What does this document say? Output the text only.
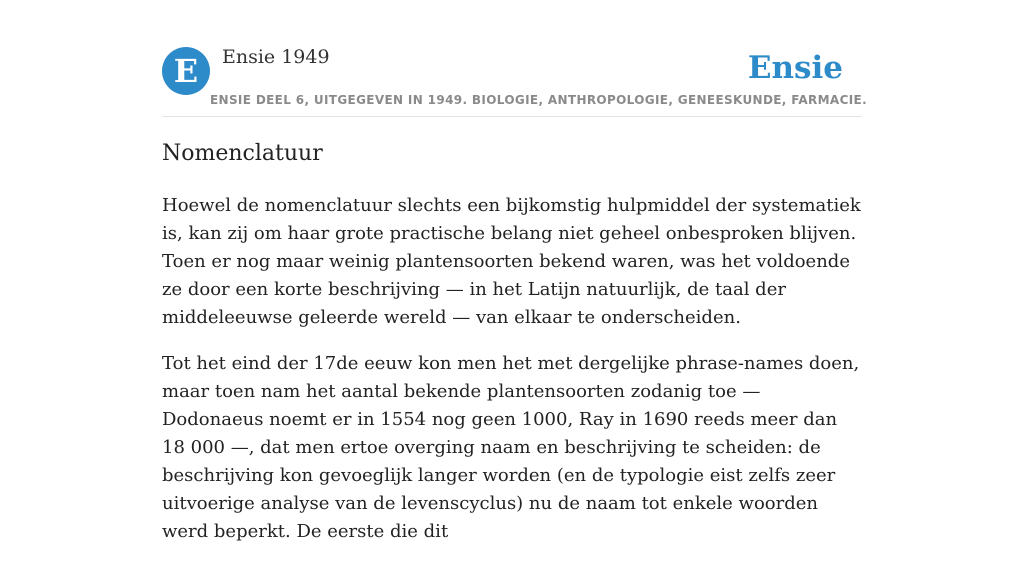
E	Ensie 1949	Ensie
ENSIE DEEL 6, UITGEGEVEN IN 1949. BIOLOGIE, ANTHROPOLOGIE, GENEESKUNDE, FARMACIE.
Nomenclatuur

Hoewel de nomenclatuur slechts een bijkomstig hulpmiddel der systematiek is, kan zij om haar grote practische belang niet geheel onbesproken blijven. Toen er nog maar weinig plantensoorten bekend waren, was het voldoende ze door een korte beschrijving — in het Latijn natuurlijk, de taal der middeleeuwse geleerde wereld — van elkaar te onderscheiden.

Tot het eind der 17de eeuw kon men het met dergelijke phrase-names doen, maar toen nam het aantal bekende plantensoorten zodanig toe — Dodonaeus noemt er in 1554 nog geen 1000, Ray in 1690 reeds meer dan 18 000 —, dat men ertoe overging naam en beschrijving te scheiden: de beschrijving kon gevoeglijk langer worden (en de typologie eist zelfs zeer uitvoerige analyse van de levenscyclus) nu de naam tot enkele woorden werd beperkt. De eerste die dit
